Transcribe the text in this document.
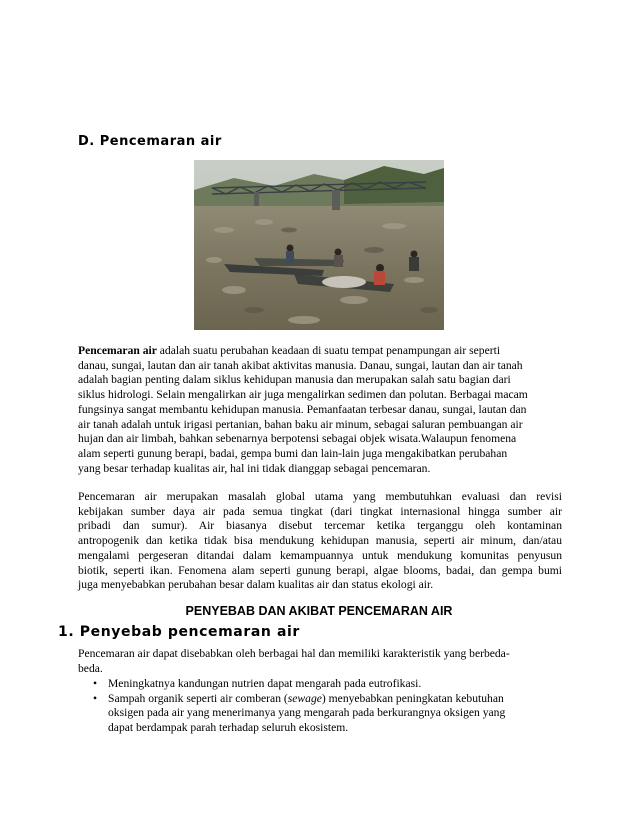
D. Pencemaran air

Pencemaran air adalah suatu perubahan keadaan di suatu tempat penampungan air seperti
danau, sungai, lautan dan air tanah akibat aktivitas manusia. Danau, sungai, lautan dan air tanah
adalah bagian penting dalam siklus kehidupan manusia dan merupakan salah satu bagian dari
siklus hidrologi. Selain mengalirkan air juga mengalirkan sedimen dan polutan. Berbagai macam
fungsinya sangat membantu kehidupan manusia. Pemanfaatan terbesar danau, sungai, lautan dan
air tanah adalah untuk irigasi pertanian, bahan baku air minum, sebagai saluran pembuangan air
hujan dan air limbah, bahkan sebenarnya berpotensi sebagai objek wisata.Walaupun fenomena
alam seperti gunung berapi, badai, gempa bumi dan lain-lain juga mengakibatkan perubahan
yang besar terhadap kualitas air, hal ini tidak dianggap sebagai pencemaran.

Pencemaran air merupakan masalah global utama yang membutuhkan evaluasi dan revisi
kebijakan sumber daya air pada semua tingkat (dari tingkat internasional hingga sumber air
pribadi dan sumur). Air biasanya disebut tercemar ketika terganggu oleh kontaminan
antropogenik dan ketika tidak bisa mendukung kehidupan manusia, seperti air minum, dan/atau
mengalami pergeseran ditandai dalam kemampuannya untuk mendukung komunitas penyusun
biotik, seperti ikan. Fenomena alam seperti gunung berapi, algae blooms, badai, dan gempa bumi
juga menyebabkan perubahan besar dalam kualitas air dan status ekologi air.

PENYEBAB DAN AKIBAT PENCEMARAN AIR
1. Penyebab pencemaran air

Pencemaran air dapat disebabkan oleh berbagai hal dan memiliki karakteristik yang berbeda-
beda.

• Meningkatnya kandungan nutrien dapat mengarah pada eutrofikasi.
• Sampah organik seperti air comberan (sewage) menyebabkan peningkatan kebutuhan
oksigen pada air yang menerimanya yang mengarah pada berkurangnya oksigen yang
dapat berdampak parah terhadap seluruh ekosistem.
